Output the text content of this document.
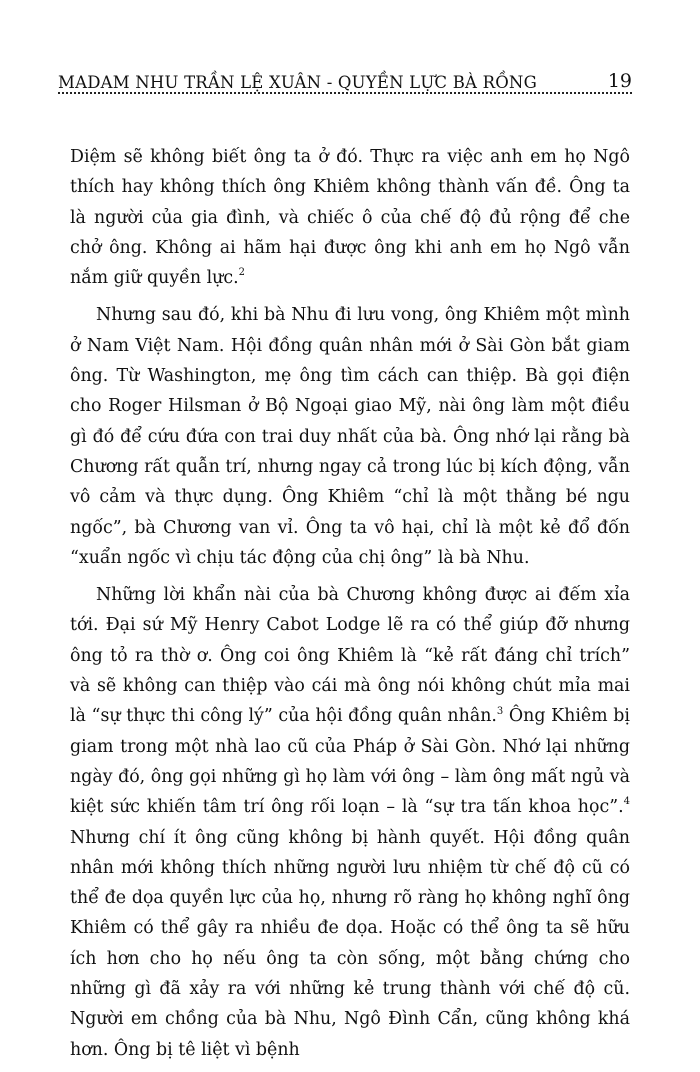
MADAM NHU TRẦN LỆ XUÂN - QUYỀN LỰC BÀ RỒNG	19

Diệm sẽ không biết ông ta ở đó. Thực ra việc anh em họ Ngô thích hay không thích ông Khiêm không thành vấn đề. Ông ta là người của gia đình, và chiếc ô của chế độ đủ rộng để che chở ông. Không ai hãm hại được ông khi anh em họ Ngô vẫn nắm giữ quyền lực.$^2$

Nhưng sau đó, khi bà Nhu đi lưu vong, ông Khiêm một mình ở Nam Việt Nam. Hội đồng quân nhân mới ở Sài Gòn bắt giam ông. Từ Washington, mẹ ông tìm cách can thiệp. Bà gọi điện cho Roger Hilsman ở Bộ Ngoại giao Mỹ, nài ông làm một điều gì đó để cứu đứa con trai duy nhất của bà. Ông nhớ lại rằng bà Chương rất quẫn trí, nhưng ngay cả trong lúc bị kích động, vẫn vô cảm và thực dụng. Ông Khiêm “chỉ là một thằng bé ngu ngốc”, bà Chương van vỉ. Ông ta vô hại, chỉ là một kẻ đổ đốn “xuẩn ngốc vì chịu tác động của chị ông” là bà Nhu.

Những lời khẩn nài của bà Chương không được ai đếm xỉa tới. Đại sứ Mỹ Henry Cabot Lodge lẽ ra có thể giúp đỡ nhưng ông tỏ ra thờ ơ. Ông coi ông Khiêm là “kẻ rất đáng chỉ trích” và sẽ không can thiệp vào cái mà ông nói không chút mỉa mai là “sự thực thi công lý” của hội đồng quân nhân.$^3$ Ông Khiêm bị giam trong một nhà lao cũ của Pháp ở Sài Gòn. Nhớ lại những ngày đó, ông gọi những gì họ làm với ông – làm ông mất ngủ và kiệt sức khiến tâm trí ông rối loạn – là “sự tra tấn khoa học”.$^4$ Nhưng chí ít ông cũng không bị hành quyết. Hội đồng quân nhân mới không thích những người lưu nhiệm từ chế độ cũ có thể đe dọa quyền lực của họ, nhưng rõ ràng họ không nghĩ ông Khiêm có thể gây ra nhiều đe dọa. Hoặc có thể ông ta sẽ hữu ích hơn cho họ nếu ông ta còn sống, một bằng chứng cho những gì đã xảy ra với những kẻ trung thành với chế độ cũ. Người em chồng của bà Nhu, Ngô Đình Cẩn, cũng không khá hơn. Ông bị tê liệt vì bệnh
